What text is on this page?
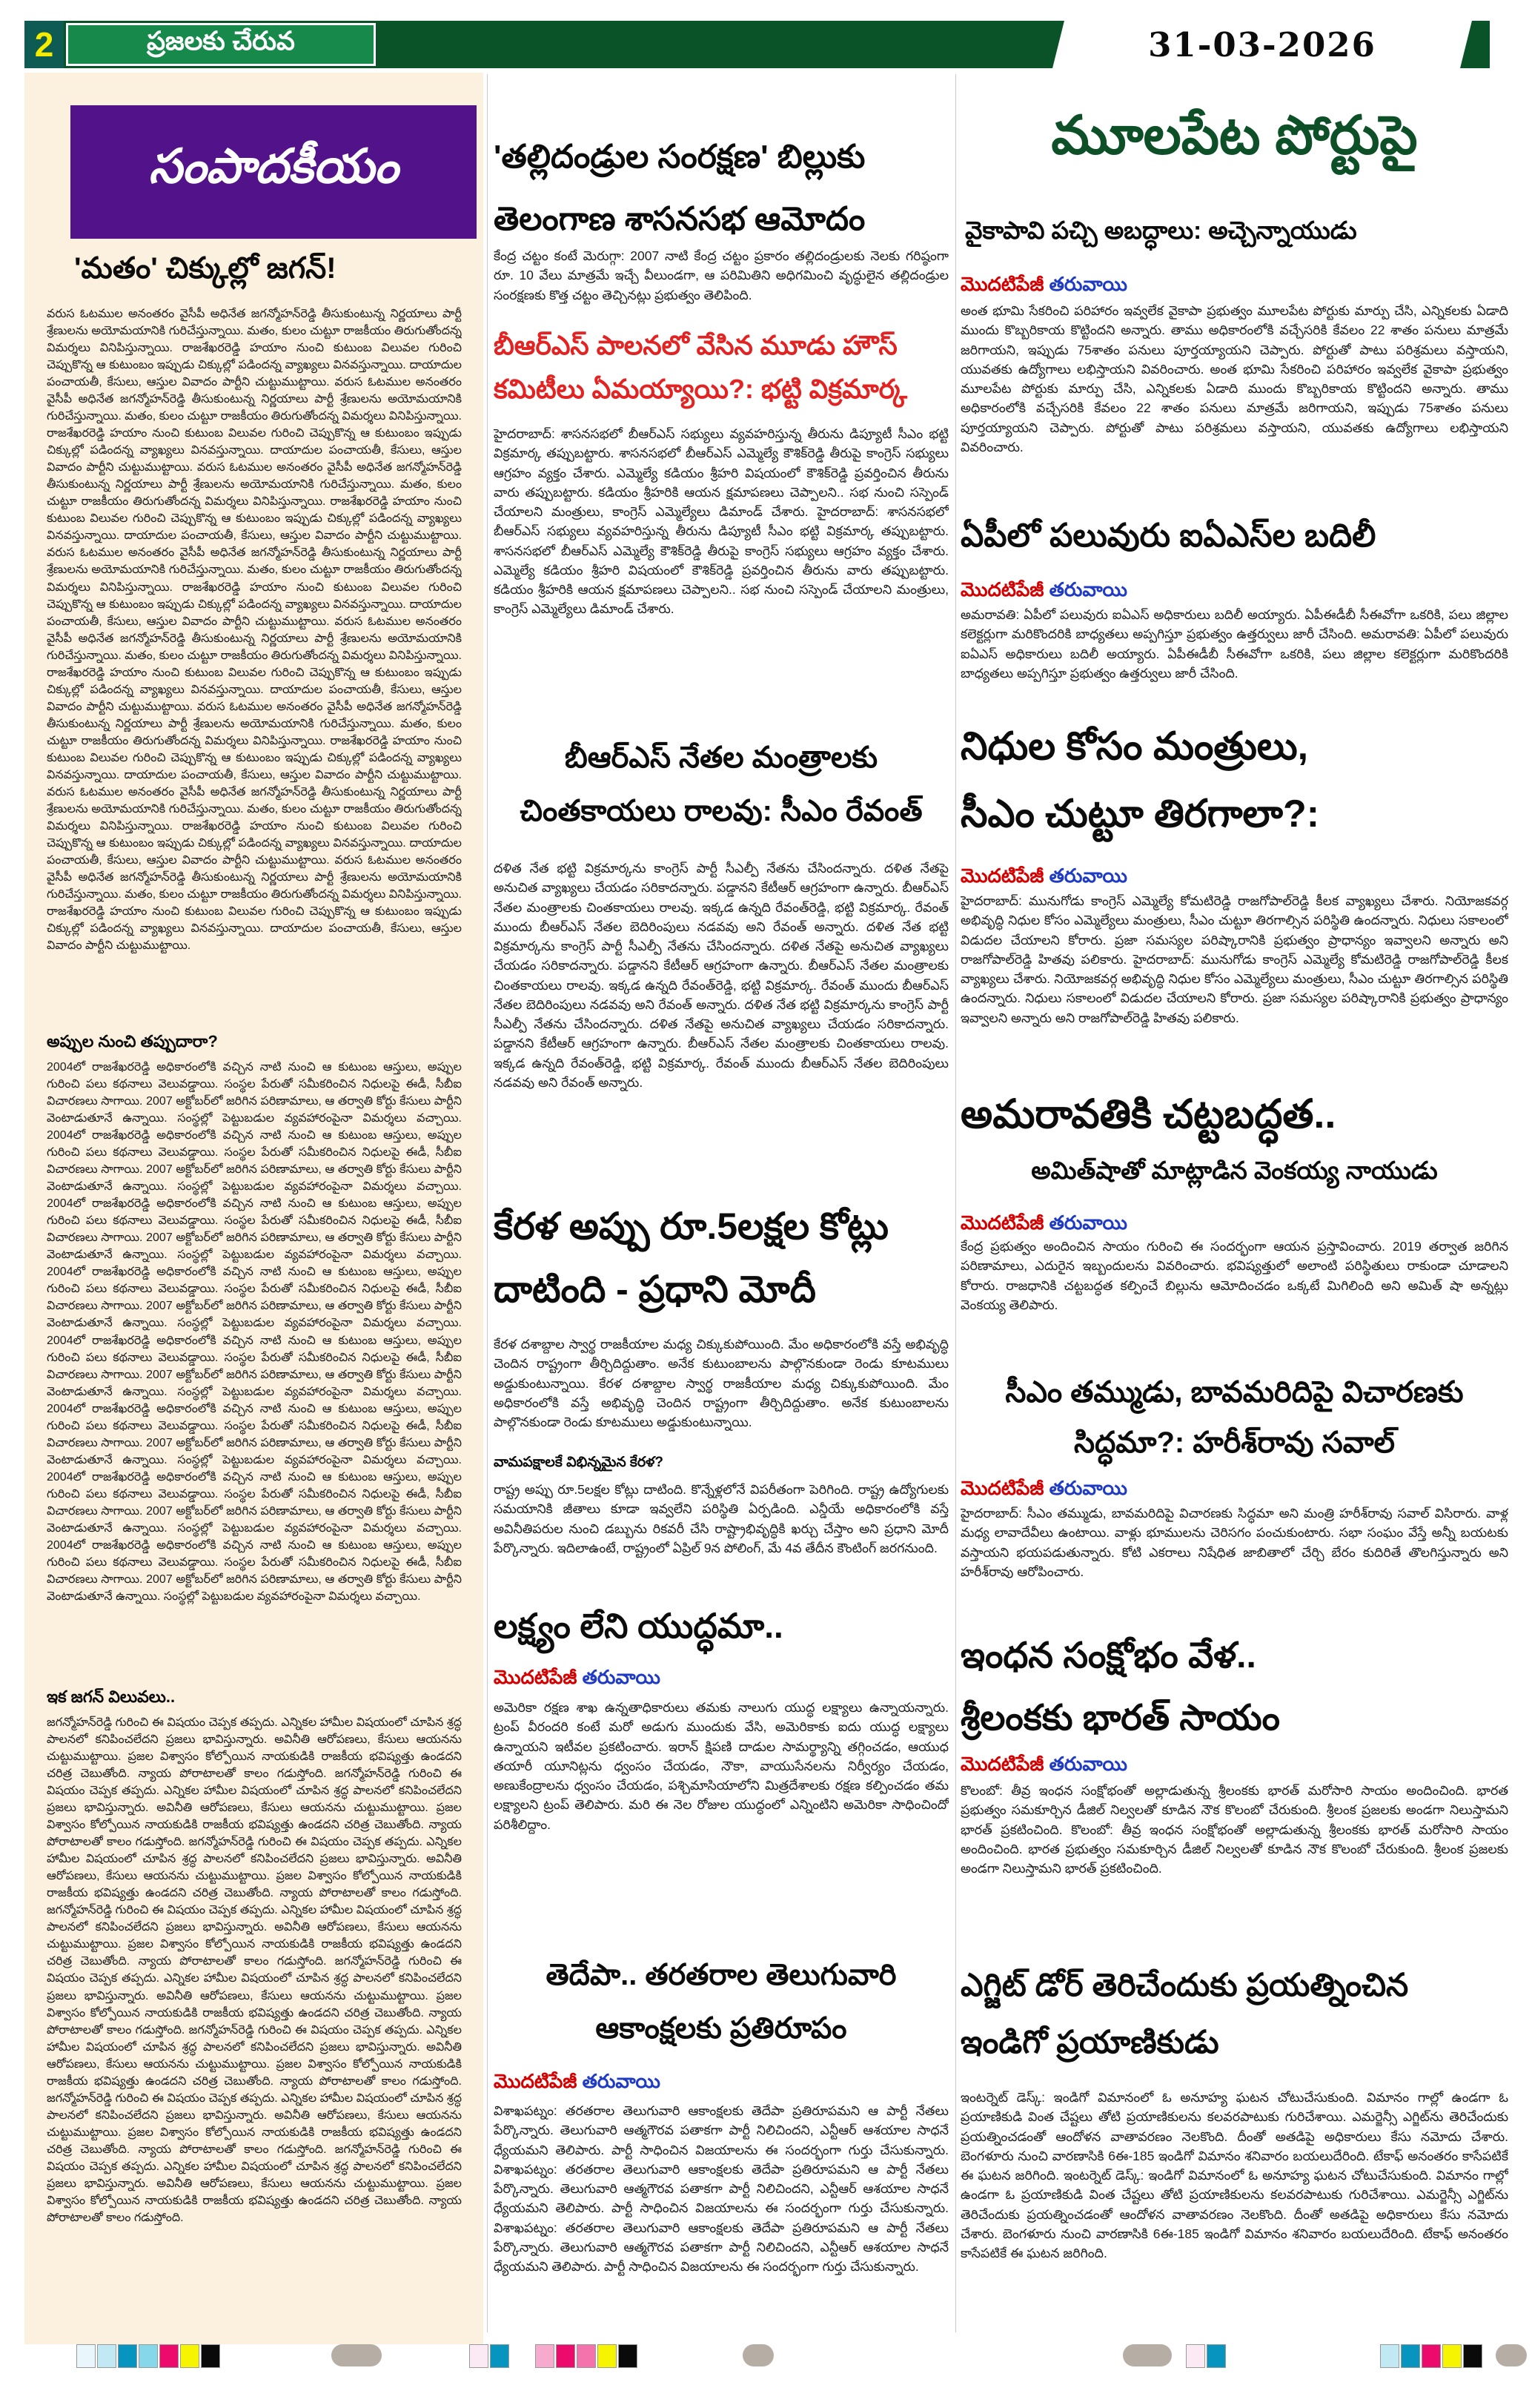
2	ప్రజలకు చేరువ	31-03-2026
సంపాదకీయం
'మతం' చిక్కుల్లో జగన్!
వరుస ఓటముల అనంతరం వైసీపీ అధినేత జగన్మోహన్‌రెడ్డి తీసుకుంటున్న నిర్ణయాలు పార్టీ శ్రేణులను అయోమయానికి గురిచేస్తున్నాయి. మతం, కులం చుట్టూ రాజకీయం తిరుగుతోందన్న విమర్శలు వినిపిస్తున్నాయి. రాజశేఖరరెడ్డి హయాం నుంచి కుటుంబ విలువల గురించి చెప్పుకొన్న ఆ కుటుంబం ఇప్పుడు చిక్కుల్లో పడిందన్న వ్యాఖ్యలు వినవస్తున్నాయి. దాయాదుల పంచాయతీ, కేసులు, ఆస్తుల వివాదం పార్టీని చుట్టుముట్టాయి. వరుస ఓటముల అనంతరం వైసీపీ అధినేత జగన్మోహన్‌రెడ్డి తీసుకుంటున్న నిర్ణయాలు పార్టీ శ్రేణులను అయోమయానికి గురిచేస్తున్నాయి. మతం, కులం చుట్టూ రాజకీయం తిరుగుతోందన్న విమర్శలు వినిపిస్తున్నాయి. రాజశేఖరరెడ్డి హయాం నుంచి కుటుంబ విలువల గురించి చెప్పుకొన్న ఆ కుటుంబం ఇప్పుడు చిక్కుల్లో పడిందన్న వ్యాఖ్యలు వినవస్తున్నాయి. దాయాదుల పంచాయతీ, కేసులు, ఆస్తుల వివాదం పార్టీని చుట్టుముట్టాయి. వరుస ఓటముల అనంతరం వైసీపీ అధినేత జగన్మోహన్‌రెడ్డి తీసుకుంటున్న నిర్ణయాలు పార్టీ శ్రేణులను అయోమయానికి గురిచేస్తున్నాయి. మతం, కులం చుట్టూ రాజకీయం తిరుగుతోందన్న విమర్శలు వినిపిస్తున్నాయి. రాజశేఖరరెడ్డి హయాం నుంచి కుటుంబ విలువల గురించి చెప్పుకొన్న ఆ కుటుంబం ఇప్పుడు చిక్కుల్లో పడిందన్న వ్యాఖ్యలు వినవస్తున్నాయి. దాయాదుల పంచాయతీ, కేసులు, ఆస్తుల వివాదం పార్టీని చుట్టుముట్టాయి. వరుస ఓటముల అనంతరం వైసీపీ అధినేత జగన్మోహన్‌రెడ్డి తీసుకుంటున్న నిర్ణయాలు పార్టీ శ్రేణులను అయోమయానికి గురిచేస్తున్నాయి. మతం, కులం చుట్టూ రాజకీయం తిరుగుతోందన్న విమర్శలు వినిపిస్తున్నాయి. రాజశేఖరరెడ్డి హయాం నుంచి కుటుంబ విలువల గురించి చెప్పుకొన్న ఆ కుటుంబం ఇప్పుడు చిక్కుల్లో పడిందన్న వ్యాఖ్యలు వినవస్తున్నాయి. దాయాదుల పంచాయతీ, కేసులు, ఆస్తుల వివాదం పార్టీని చుట్టుముట్టాయి. వరుస ఓటముల అనంతరం వైసీపీ అధినేత జగన్మోహన్‌రెడ్డి తీసుకుంటున్న నిర్ణయాలు పార్టీ శ్రేణులను అయోమయానికి గురిచేస్తున్నాయి. మతం, కులం చుట్టూ రాజకీయం తిరుగుతోందన్న విమర్శలు వినిపిస్తున్నాయి. రాజశేఖరరెడ్డి హయాం నుంచి కుటుంబ విలువల గురించి చెప్పుకొన్న ఆ కుటుంబం ఇప్పుడు చిక్కుల్లో పడిందన్న వ్యాఖ్యలు వినవస్తున్నాయి. దాయాదుల పంచాయతీ, కేసులు, ఆస్తుల వివాదం పార్టీని చుట్టుముట్టాయి. వరుస ఓటముల అనంతరం వైసీపీ అధినేత జగన్మోహన్‌రెడ్డి తీసుకుంటున్న నిర్ణయాలు పార్టీ శ్రేణులను అయోమయానికి గురిచేస్తున్నాయి. మతం, కులం చుట్టూ రాజకీయం తిరుగుతోందన్న విమర్శలు వినిపిస్తున్నాయి. రాజశేఖరరెడ్డి హయాం నుంచి కుటుంబ విలువల గురించి చెప్పుకొన్న ఆ కుటుంబం ఇప్పుడు చిక్కుల్లో పడిందన్న వ్యాఖ్యలు వినవస్తున్నాయి. దాయాదుల పంచాయతీ, కేసులు, ఆస్తుల వివాదం పార్టీని చుట్టుముట్టాయి. వరుస ఓటముల అనంతరం వైసీపీ అధినేత జగన్మోహన్‌రెడ్డి తీసుకుంటున్న నిర్ణయాలు పార్టీ శ్రేణులను అయోమయానికి గురిచేస్తున్నాయి. మతం, కులం చుట్టూ రాజకీయం తిరుగుతోందన్న విమర్శలు వినిపిస్తున్నాయి. రాజశేఖరరెడ్డి హయాం నుంచి కుటుంబ విలువల గురించి చెప్పుకొన్న ఆ కుటుంబం ఇప్పుడు చిక్కుల్లో పడిందన్న వ్యాఖ్యలు వినవస్తున్నాయి. దాయాదుల పంచాయతీ, కేసులు, ఆస్తుల వివాదం పార్టీని చుట్టుముట్టాయి. వరుస ఓటముల అనంతరం వైసీపీ అధినేత జగన్మోహన్‌రెడ్డి తీసుకుంటున్న నిర్ణయాలు పార్టీ శ్రేణులను అయోమయానికి గురిచేస్తున్నాయి. మతం, కులం చుట్టూ రాజకీయం తిరుగుతోందన్న విమర్శలు వినిపిస్తున్నాయి. రాజశేఖరరెడ్డి హయాం నుంచి కుటుంబ విలువల గురించి చెప్పుకొన్న ఆ కుటుంబం ఇప్పుడు చిక్కుల్లో పడిందన్న వ్యాఖ్యలు వినవస్తున్నాయి. దాయాదుల పంచాయతీ, కేసులు, ఆస్తుల వివాదం పార్టీని చుట్టుముట్టాయి.
అప్పుల నుంచి తప్పుదారా?
2004లో రాజశేఖరరెడ్డి అధికారంలోకి వచ్చిన నాటి నుంచి ఆ కుటుంబ ఆస్తులు, అప్పుల గురించి పలు కథనాలు వెలువడ్డాయి. సంస్థల పేరుతో సమీకరించిన నిధులపై ఈడీ, సీబీఐ విచారణలు సాగాయి. 2007 అక్టోబర్‌లో జరిగిన పరిణామాలు, ఆ తర్వాతి కోర్టు కేసులు పార్టీని వెంటాడుతూనే ఉన్నాయి. సంస్థల్లో పెట్టుబడుల వ్యవహారంపైనా విమర్శలు వచ్చాయి. 2004లో రాజశేఖరరెడ్డి అధికారంలోకి వచ్చిన నాటి నుంచి ఆ కుటుంబ ఆస్తులు, అప్పుల గురించి పలు కథనాలు వెలువడ్డాయి. సంస్థల పేరుతో సమీకరించిన నిధులపై ఈడీ, సీబీఐ విచారణలు సాగాయి. 2007 అక్టోబర్‌లో జరిగిన పరిణామాలు, ఆ తర్వాతి కోర్టు కేసులు పార్టీని వెంటాడుతూనే ఉన్నాయి. సంస్థల్లో పెట్టుబడుల వ్యవహారంపైనా విమర్శలు వచ్చాయి. 2004లో రాజశేఖరరెడ్డి అధికారంలోకి వచ్చిన నాటి నుంచి ఆ కుటుంబ ఆస్తులు, అప్పుల గురించి పలు కథనాలు వెలువడ్డాయి. సంస్థల పేరుతో సమీకరించిన నిధులపై ఈడీ, సీబీఐ విచారణలు సాగాయి. 2007 అక్టోబర్‌లో జరిగిన పరిణామాలు, ఆ తర్వాతి కోర్టు కేసులు పార్టీని వెంటాడుతూనే ఉన్నాయి. సంస్థల్లో పెట్టుబడుల వ్యవహారంపైనా విమర్శలు వచ్చాయి. 2004లో రాజశేఖరరెడ్డి అధికారంలోకి వచ్చిన నాటి నుంచి ఆ కుటుంబ ఆస్తులు, అప్పుల గురించి పలు కథనాలు వెలువడ్డాయి. సంస్థల పేరుతో సమీకరించిన నిధులపై ఈడీ, సీబీఐ విచారణలు సాగాయి. 2007 అక్టోబర్‌లో జరిగిన పరిణామాలు, ఆ తర్వాతి కోర్టు కేసులు పార్టీని వెంటాడుతూనే ఉన్నాయి. సంస్థల్లో పెట్టుబడుల వ్యవహారంపైనా విమర్శలు వచ్చాయి. 2004లో రాజశేఖరరెడ్డి అధికారంలోకి వచ్చిన నాటి నుంచి ఆ కుటుంబ ఆస్తులు, అప్పుల గురించి పలు కథనాలు వెలువడ్డాయి. సంస్థల పేరుతో సమీకరించిన నిధులపై ఈడీ, సీబీఐ విచారణలు సాగాయి. 2007 అక్టోబర్‌లో జరిగిన పరిణామాలు, ఆ తర్వాతి కోర్టు కేసులు పార్టీని వెంటాడుతూనే ఉన్నాయి. సంస్థల్లో పెట్టుబడుల వ్యవహారంపైనా విమర్శలు వచ్చాయి. 2004లో రాజశేఖరరెడ్డి అధికారంలోకి వచ్చిన నాటి నుంచి ఆ కుటుంబ ఆస్తులు, అప్పుల గురించి పలు కథనాలు వెలువడ్డాయి. సంస్థల పేరుతో సమీకరించిన నిధులపై ఈడీ, సీబీఐ విచారణలు సాగాయి. 2007 అక్టోబర్‌లో జరిగిన పరిణామాలు, ఆ తర్వాతి కోర్టు కేసులు పార్టీని వెంటాడుతూనే ఉన్నాయి. సంస్థల్లో పెట్టుబడుల వ్యవహారంపైనా విమర్శలు వచ్చాయి. 2004లో రాజశేఖరరెడ్డి అధికారంలోకి వచ్చిన నాటి నుంచి ఆ కుటుంబ ఆస్తులు, అప్పుల గురించి పలు కథనాలు వెలువడ్డాయి. సంస్థల పేరుతో సమీకరించిన నిధులపై ఈడీ, సీబీఐ విచారణలు సాగాయి. 2007 అక్టోబర్‌లో జరిగిన పరిణామాలు, ఆ తర్వాతి కోర్టు కేసులు పార్టీని వెంటాడుతూనే ఉన్నాయి. సంస్థల్లో పెట్టుబడుల వ్యవహారంపైనా విమర్శలు వచ్చాయి. 2004లో రాజశేఖరరెడ్డి అధికారంలోకి వచ్చిన నాటి నుంచి ఆ కుటుంబ ఆస్తులు, అప్పుల గురించి పలు కథనాలు వెలువడ్డాయి. సంస్థల పేరుతో సమీకరించిన నిధులపై ఈడీ, సీబీఐ విచారణలు సాగాయి. 2007 అక్టోబర్‌లో జరిగిన పరిణామాలు, ఆ తర్వాతి కోర్టు కేసులు పార్టీని వెంటాడుతూనే ఉన్నాయి. సంస్థల్లో పెట్టుబడుల వ్యవహారంపైనా విమర్శలు వచ్చాయి.
ఇక జగన్ విలువలు..
జగన్మోహన్‌రెడ్డి గురించి ఈ విషయం చెప్పక తప్పదు. ఎన్నికల హామీల విషయంలో చూపిన శ్రద్ధ పాలనలో కనిపించలేదని ప్రజలు భావిస్తున్నారు. అవినీతి ఆరోపణలు, కేసులు ఆయనను చుట్టుముట్టాయి. ప్రజల విశ్వాసం కోల్పోయిన నాయకుడికి రాజకీయ భవిష్యత్తు ఉండదని చరిత్ర చెబుతోంది. న్యాయ పోరాటాలతో కాలం గడుస్తోంది. జగన్మోహన్‌రెడ్డి గురించి ఈ విషయం చెప్పక తప్పదు. ఎన్నికల హామీల విషయంలో చూపిన శ్రద్ధ పాలనలో కనిపించలేదని ప్రజలు భావిస్తున్నారు. అవినీతి ఆరోపణలు, కేసులు ఆయనను చుట్టుముట్టాయి. ప్రజల విశ్వాసం కోల్పోయిన నాయకుడికి రాజకీయ భవిష్యత్తు ఉండదని చరిత్ర చెబుతోంది. న్యాయ పోరాటాలతో కాలం గడుస్తోంది. జగన్మోహన్‌రెడ్డి గురించి ఈ విషయం చెప్పక తప్పదు. ఎన్నికల హామీల విషయంలో చూపిన శ్రద్ధ పాలనలో కనిపించలేదని ప్రజలు భావిస్తున్నారు. అవినీతి ఆరోపణలు, కేసులు ఆయనను చుట్టుముట్టాయి. ప్రజల విశ్వాసం కోల్పోయిన నాయకుడికి రాజకీయ భవిష్యత్తు ఉండదని చరిత్ర చెబుతోంది. న్యాయ పోరాటాలతో కాలం గడుస్తోంది. జగన్మోహన్‌రెడ్డి గురించి ఈ విషయం చెప్పక తప్పదు. ఎన్నికల హామీల విషయంలో చూపిన శ్రద్ధ పాలనలో కనిపించలేదని ప్రజలు భావిస్తున్నారు. అవినీతి ఆరోపణలు, కేసులు ఆయనను చుట్టుముట్టాయి. ప్రజల విశ్వాసం కోల్పోయిన నాయకుడికి రాజకీయ భవిష్యత్తు ఉండదని చరిత్ర చెబుతోంది. న్యాయ పోరాటాలతో కాలం గడుస్తోంది. జగన్మోహన్‌రెడ్డి గురించి ఈ విషయం చెప్పక తప్పదు. ఎన్నికల హామీల విషయంలో చూపిన శ్రద్ధ పాలనలో కనిపించలేదని ప్రజలు భావిస్తున్నారు. అవినీతి ఆరోపణలు, కేసులు ఆయనను చుట్టుముట్టాయి. ప్రజల విశ్వాసం కోల్పోయిన నాయకుడికి రాజకీయ భవిష్యత్తు ఉండదని చరిత్ర చెబుతోంది. న్యాయ పోరాటాలతో కాలం గడుస్తోంది. జగన్మోహన్‌రెడ్డి గురించి ఈ విషయం చెప్పక తప్పదు. ఎన్నికల హామీల విషయంలో చూపిన శ్రద్ధ పాలనలో కనిపించలేదని ప్రజలు భావిస్తున్నారు. అవినీతి ఆరోపణలు, కేసులు ఆయనను చుట్టుముట్టాయి. ప్రజల విశ్వాసం కోల్పోయిన నాయకుడికి రాజకీయ భవిష్యత్తు ఉండదని చరిత్ర చెబుతోంది. న్యాయ పోరాటాలతో కాలం గడుస్తోంది. జగన్మోహన్‌రెడ్డి గురించి ఈ విషయం చెప్పక తప్పదు. ఎన్నికల హామీల విషయంలో చూపిన శ్రద్ధ పాలనలో కనిపించలేదని ప్రజలు భావిస్తున్నారు. అవినీతి ఆరోపణలు, కేసులు ఆయనను చుట్టుముట్టాయి. ప్రజల విశ్వాసం కోల్పోయిన నాయకుడికి రాజకీయ భవిష్యత్తు ఉండదని చరిత్ర చెబుతోంది. న్యాయ పోరాటాలతో కాలం గడుస్తోంది. జగన్మోహన్‌రెడ్డి గురించి ఈ విషయం చెప్పక తప్పదు. ఎన్నికల హామీల విషయంలో చూపిన శ్రద్ధ పాలనలో కనిపించలేదని ప్రజలు భావిస్తున్నారు. అవినీతి ఆరోపణలు, కేసులు ఆయనను చుట్టుముట్టాయి. ప్రజల విశ్వాసం కోల్పోయిన నాయకుడికి రాజకీయ భవిష్యత్తు ఉండదని చరిత్ర చెబుతోంది. న్యాయ పోరాటాలతో కాలం గడుస్తోంది.
'తల్లిదండ్రుల సంరక్షణ' బిల్లుకు
తెలంగాణ శాసనసభ ఆమోదం
కేంద్ర చట్టం కంటే మెరుగ్గా: 2007 నాటి కేంద్ర చట్టం ప్రకారం తల్లిదండ్రులకు నెలకు గరిష్ఠంగా రూ. 10 వేలు మాత్రమే ఇచ్చే వీలుండగా, ఆ పరిమితిని అధిగమించి వృద్ధులైన తల్లిదండ్రుల సంరక్షణకు కొత్త చట్టం తెచ్చినట్లు ప్రభుత్వం తెలిపింది.
బీఆర్ఎస్ పాలనలో వేసిన మూడు హౌస్
కమిటీలు ఏమయ్యాయి?: భట్టి విక్రమార్క
హైదరాబాద్: శాసనసభలో బీఆర్ఎస్ సభ్యులు వ్యవహరిస్తున్న తీరును డిప్యూటీ సీఎం భట్టి విక్రమార్క తప్పుబట్టారు. శాసనసభలో బీఆర్ఎస్ ఎమ్మెల్యే కౌశిక్‌రెడ్డి తీరుపై కాంగ్రెస్ సభ్యులు ఆగ్రహం వ్యక్తం చేశారు. ఎమ్మెల్యే కడియం శ్రీహరి విషయంలో కౌశిక్‌రెడ్డి ప్రవర్తించిన తీరును వారు తప్పుబట్టారు. కడియం శ్రీహరికి ఆయన క్షమాపణలు చెప్పాలని.. సభ నుంచి సస్పెండ్ చేయాలని మంత్రులు, కాంగ్రెస్ ఎమ్మెల్యేలు డిమాండ్ చేశారు. హైదరాబాద్: శాసనసభలో బీఆర్ఎస్ సభ్యులు వ్యవహరిస్తున్న తీరును డిప్యూటీ సీఎం భట్టి విక్రమార్క తప్పుబట్టారు. శాసనసభలో బీఆర్ఎస్ ఎమ్మెల్యే కౌశిక్‌రెడ్డి తీరుపై కాంగ్రెస్ సభ్యులు ఆగ్రహం వ్యక్తం చేశారు. ఎమ్మెల్యే కడియం శ్రీహరి విషయంలో కౌశిక్‌రెడ్డి ప్రవర్తించిన తీరును వారు తప్పుబట్టారు. కడియం శ్రీహరికి ఆయన క్షమాపణలు చెప్పాలని.. సభ నుంచి సస్పెండ్ చేయాలని మంత్రులు, కాంగ్రెస్ ఎమ్మెల్యేలు డిమాండ్ చేశారు.
బీఆర్ఎస్ నేతల మంత్రాలకు
చింతకాయలు రాలవు: సీఎం రేవంత్
దళిత నేత భట్టి విక్రమార్కను కాంగ్రెస్ పార్టీ సీఎల్పీ నేతను చేసిందన్నారు. దళిత నేతపై అనుచిత వ్యాఖ్యలు చేయడం సరికాదన్నారు. పడ్డానని కేటీఆర్ ఆగ్రహంగా ఉన్నారు. బీఆర్ఎస్ నేతల మంత్రాలకు చింతకాయలు రాలవు. ఇక్కడ ఉన్నది రేవంత్‌రెడ్డి, భట్టి విక్రమార్క. రేవంత్ ముందు బీఆర్ఎస్ నేతల బెదిరింపులు నడవవు అని రేవంత్ అన్నారు. దళిత నేత భట్టి విక్రమార్కను కాంగ్రెస్ పార్టీ సీఎల్పీ నేతను చేసిందన్నారు. దళిత నేతపై అనుచిత వ్యాఖ్యలు చేయడం సరికాదన్నారు. పడ్డానని కేటీఆర్ ఆగ్రహంగా ఉన్నారు. బీఆర్ఎస్ నేతల మంత్రాలకు చింతకాయలు రాలవు. ఇక్కడ ఉన్నది రేవంత్‌రెడ్డి, భట్టి విక్రమార్క. రేవంత్ ముందు బీఆర్ఎస్ నేతల బెదిరింపులు నడవవు అని రేవంత్ అన్నారు. దళిత నేత భట్టి విక్రమార్కను కాంగ్రెస్ పార్టీ సీఎల్పీ నేతను చేసిందన్నారు. దళిత నేతపై అనుచిత వ్యాఖ్యలు చేయడం సరికాదన్నారు. పడ్డానని కేటీఆర్ ఆగ్రహంగా ఉన్నారు. బీఆర్ఎస్ నేతల మంత్రాలకు చింతకాయలు రాలవు. ఇక్కడ ఉన్నది రేవంత్‌రెడ్డి, భట్టి విక్రమార్క. రేవంత్ ముందు బీఆర్ఎస్ నేతల బెదిరింపులు నడవవు అని రేవంత్ అన్నారు.
కేరళ అప్పు రూ.5లక్షల కోట్లు
దాటింది - ప్రధాని మోదీ
కేరళ దశాబ్దాల స్వార్థ రాజకీయాల మధ్య చిక్కుకుపోయింది. మేం అధికారంలోకి వస్తే అభివృద్ధి చెందిన రాష్ట్రంగా తీర్చిదిద్దుతాం. అనేక కుటుంబాలను పాల్గొనకుండా రెండు కూటములు అడ్డుకుంటున్నాయి. కేరళ దశాబ్దాల స్వార్థ రాజకీయాల మధ్య చిక్కుకుపోయింది. మేం అధికారంలోకి వస్తే అభివృద్ధి చెందిన రాష్ట్రంగా తీర్చిదిద్దుతాం. అనేక కుటుంబాలను పాల్గొనకుండా రెండు కూటములు అడ్డుకుంటున్నాయి.
వామపక్షాలకే విభిన్నమైన కేరళ?
రాష్ట్ర అప్పు రూ.5లక్షల కోట్లు దాటింది. కొన్నేళ్లలోనే విపరీతంగా పెరిగింది. రాష్ట్ర ఉద్యోగులకు సమయానికి జీతాలు కూడా ఇవ్వలేని పరిస్థితి ఏర్పడింది. ఎన్డీయే అధికారంలోకి వస్తే అవినీతిపరుల నుంచి డబ్బును రికవరీ చేసి రాష్ట్రాభివృద్ధికి ఖర్చు చేస్తాం అని ప్రధాని మోదీ పేర్కొన్నారు. ఇదిలాఉంటే, రాష్ట్రంలో ఏప్రిల్ 9న పోలింగ్, మే 4వ తేదీన కౌంటింగ్ జరగనుంది.
లక్ష్యం లేని యుద్ధమా..
మొదటిపేజీ తరువాయి
అమెరికా రక్షణ శాఖ ఉన్నతాధికారులు తమకు నాలుగు యుద్ధ లక్ష్యాలు ఉన్నాయన్నారు. ట్రంప్ వీరందరి కంటే మరో అడుగు ముందుకు వేసి, అమెరికాకు ఐదు యుద్ధ లక్ష్యాలు ఉన్నాయని ఇటీవల ప్రకటించారు. ఇరాన్ క్షిపణి దాడుల సామర్థ్యాన్ని తగ్గించడం, ఆయుధ తయారీ యూనిట్లను ధ్వంసం చేయడం, నౌకా, వాయుసేనలను నిర్వీర్యం చేయడం, అణుకేంద్రాలను ధ్వంసం చేయడం, పశ్చిమాసియాలోని మిత్రదేశాలకు రక్షణ కల్పించడం తమ లక్ష్యాలని ట్రంప్ తెలిపారు. మరి ఈ నెల రోజుల యుద్ధంలో ఎన్నింటిని అమెరికా సాధించిందో పరిశీలిద్దాం.
తెదేపా.. తరతరాల తెలుగువారి
ఆకాంక్షలకు ప్రతిరూపం
మొదటిపేజీ తరువాయి
విశాఖపట్నం: తరతరాల తెలుగువారి ఆకాంక్షలకు తెదేపా ప్రతిరూపమని ఆ పార్టీ నేతలు పేర్కొన్నారు. తెలుగువారి ఆత్మగౌరవ పతాకగా పార్టీ నిలిచిందని, ఎన్టీఆర్ ఆశయాల సాధనే ధ్యేయమని తెలిపారు. పార్టీ సాధించిన విజయాలను ఈ సందర్భంగా గుర్తు చేసుకున్నారు. విశాఖపట్నం: తరతరాల తెలుగువారి ఆకాంక్షలకు తెదేపా ప్రతిరూపమని ఆ పార్టీ నేతలు పేర్కొన్నారు. తెలుగువారి ఆత్మగౌరవ పతాకగా పార్టీ నిలిచిందని, ఎన్టీఆర్ ఆశయాల సాధనే ధ్యేయమని తెలిపారు. పార్టీ సాధించిన విజయాలను ఈ సందర్భంగా గుర్తు చేసుకున్నారు. విశాఖపట్నం: తరతరాల తెలుగువారి ఆకాంక్షలకు తెదేపా ప్రతిరూపమని ఆ పార్టీ నేతలు పేర్కొన్నారు. తెలుగువారి ఆత్మగౌరవ పతాకగా పార్టీ నిలిచిందని, ఎన్టీఆర్ ఆశయాల సాధనే ధ్యేయమని తెలిపారు. పార్టీ సాధించిన విజయాలను ఈ సందర్భంగా గుర్తు చేసుకున్నారు.
మూలపేట పోర్టుపై
వైకాపావి పచ్చి అబద్ధాలు: అచ్చెన్నాయుడు
మొదటిపేజీ తరువాయి
అంత భూమి సేకరించి పరిహారం ఇవ్వలేక వైకాపా ప్రభుత్వం మూలపేట పోర్టుకు మార్పు చేసి, ఎన్నికలకు ఏడాది ముందు కొబ్బరికాయ కొట్టిందని అన్నారు. తాము అధికారంలోకి వచ్చేసరికి కేవలం 22 శాతం పనులు మాత్రమే జరిగాయని, ఇప్పుడు 75శాతం పనులు పూర్తయ్యాయని చెప్పారు. పోర్టుతో పాటు పరిశ్రమలు వస్తాయని, యువతకు ఉద్యోగాలు లభిస్తాయని వివరించారు. అంత భూమి సేకరించి పరిహారం ఇవ్వలేక వైకాపా ప్రభుత్వం మూలపేట పోర్టుకు మార్పు చేసి, ఎన్నికలకు ఏడాది ముందు కొబ్బరికాయ కొట్టిందని అన్నారు. తాము అధికారంలోకి వచ్చేసరికి కేవలం 22 శాతం పనులు మాత్రమే జరిగాయని, ఇప్పుడు 75శాతం పనులు పూర్తయ్యాయని చెప్పారు. పోర్టుతో పాటు పరిశ్రమలు వస్తాయని, యువతకు ఉద్యోగాలు లభిస్తాయని వివరించారు.
ఏపీలో పలువురు ఐఏఎస్‌ల బదిలీ
మొదటిపేజీ తరువాయి
అమరావతి: ఏపీలో పలువురు ఐఏఎస్ అధికారులు బదిలీ అయ్యారు. ఏపీఈడీబీ సీఈవోగా ఒకరికి, పలు జిల్లాల కలెక్టర్లుగా మరికొందరికి బాధ్యతలు అప్పగిస్తూ ప్రభుత్వం ఉత్తర్వులు జారీ చేసింది. అమరావతి: ఏపీలో పలువురు ఐఏఎస్ అధికారులు బదిలీ అయ్యారు. ఏపీఈడీబీ సీఈవోగా ఒకరికి, పలు జిల్లాల కలెక్టర్లుగా మరికొందరికి బాధ్యతలు అప్పగిస్తూ ప్రభుత్వం ఉత్తర్వులు జారీ చేసింది.
నిధుల కోసం మంత్రులు,
సీఎం చుట్టూ తిరగాలా?:
మొదటిపేజీ తరువాయి
హైదరాబాద్: మునుగోడు కాంగ్రెస్ ఎమ్మెల్యే కోమటిరెడ్డి రాజగోపాల్‌రెడ్డి కీలక వ్యాఖ్యలు చేశారు. నియోజకవర్గ అభివృద్ధి నిధుల కోసం ఎమ్మెల్యేలు మంత్రులు, సీఎం చుట్టూ తిరగాల్సిన పరిస్థితి ఉందన్నారు. నిధులు సకాలంలో విడుదల చేయాలని కోరారు. ప్రజా సమస్యల పరిష్కారానికి ప్రభుత్వం ప్రాధాన్యం ఇవ్వాలని అన్నారు అని రాజగోపాల్‌రెడ్డి హితవు పలికారు. హైదరాబాద్: మునుగోడు కాంగ్రెస్ ఎమ్మెల్యే కోమటిరెడ్డి రాజగోపాల్‌రెడ్డి కీలక వ్యాఖ్యలు చేశారు. నియోజకవర్గ అభివృద్ధి నిధుల కోసం ఎమ్మెల్యేలు మంత్రులు, సీఎం చుట్టూ తిరగాల్సిన పరిస్థితి ఉందన్నారు. నిధులు సకాలంలో విడుదల చేయాలని కోరారు. ప్రజా సమస్యల పరిష్కారానికి ప్రభుత్వం ప్రాధాన్యం ఇవ్వాలని అన్నారు అని రాజగోపాల్‌రెడ్డి హితవు పలికారు.
అమరావతికి చట్టబద్ధత..
అమిత్‌షాతో మాట్లాడిన వెంకయ్య నాయుడు
మొదటిపేజీ తరువాయి
కేంద్ర ప్రభుత్వం అందించిన సాయం గురించి ఈ సందర్భంగా ఆయన ప్రస్తావించారు. 2019 తర్వాత జరిగిన పరిణామాలు, ఎదురైన ఇబ్బందులను వివరించారు. భవిష్యత్తులో అలాంటి పరిస్థితులు రాకుండా చూడాలని కోరారు. రాజధానికి చట్టబద్ధత కల్పించే బిల్లును ఆమోదించడం ఒక్కటే మిగిలింది అని అమిత్ షా అన్నట్లు వెంకయ్య తెలిపారు.
సీఎం తమ్ముడు, బావమరిదిపై విచారణకు
సిద్ధమా?: హరీశ్‌రావు సవాల్
మొదటిపేజీ తరువాయి
హైదరాబాద్: సీఎం తమ్ముడు, బావమరిదిపై విచారణకు సిద్ధమా అని మంత్రి హరీశ్‌రావు సవాల్ విసిరారు. వాళ్ల మధ్య లావాదేవీలు ఉంటాయి. వాళ్లు భూములను చెరిసగం పంచుకుంటారు. సభా సంఘం వేస్తే అన్నీ బయటకు వస్తాయని భయపడుతున్నారు. కోటి ఎకరాలు నిషేధిత జాబితాలో చేర్చి బేరం కుదిరితే తొలగిస్తున్నారు అని హరీశ్‌రావు ఆరోపించారు.
ఇంధన సంక్షోభం వేళ..
శ్రీలంకకు భారత్ సాయం
మొదటిపేజీ తరువాయి
కొలంబో: తీవ్ర ఇంధన సంక్షోభంతో అల్లాడుతున్న శ్రీలంకకు భారత్ మరోసారి సాయం అందించింది. భారత ప్రభుత్వం సమకూర్చిన డీజిల్ నిల్వలతో కూడిన నౌక కొలంబో చేరుకుంది. శ్రీలంక ప్రజలకు అండగా నిలుస్తామని భారత్ ప్రకటించింది. కొలంబో: తీవ్ర ఇంధన సంక్షోభంతో అల్లాడుతున్న శ్రీలంకకు భారత్ మరోసారి సాయం అందించింది. భారత ప్రభుత్వం సమకూర్చిన డీజిల్ నిల్వలతో కూడిన నౌక కొలంబో చేరుకుంది. శ్రీలంక ప్రజలకు అండగా నిలుస్తామని భారత్ ప్రకటించింది.
ఎగ్జిట్ డోర్ తెరిచేందుకు ప్రయత్నించిన
ఇండిగో ప్రయాణికుడు
ఇంటర్నెట్ డెస్క్: ఇండిగో విమానంలో ఓ అనూహ్య ఘటన చోటుచేసుకుంది. విమానం గాల్లో ఉండగా ఓ ప్రయాణికుడి వింత చేష్టలు తోటి ప్రయాణికులను కలవరపాటుకు గురిచేశాయి. ఎమర్జెన్సీ ఎగ్జిట్‌ను తెరిచేందుకు ప్రయత్నించడంతో ఆందోళన వాతావరణం నెలకొంది. దీంతో అతడిపై అధికారులు కేసు నమోదు చేశారు. బెంగళూరు నుంచి వారణాసికి 6ఈ-185 ఇండిగో విమానం శనివారం బయలుదేరింది. టేకాఫ్ అనంతరం కాసేపటికే ఈ ఘటన జరిగింది. ఇంటర్నెట్ డెస్క్: ఇండిగో విమానంలో ఓ అనూహ్య ఘటన చోటుచేసుకుంది. విమానం గాల్లో ఉండగా ఓ ప్రయాణికుడి వింత చేష్టలు తోటి ప్రయాణికులను కలవరపాటుకు గురిచేశాయి. ఎమర్జెన్సీ ఎగ్జిట్‌ను తెరిచేందుకు ప్రయత్నించడంతో ఆందోళన వాతావరణం నెలకొంది. దీంతో అతడిపై అధికారులు కేసు నమోదు చేశారు. బెంగళూరు నుంచి వారణాసికి 6ఈ-185 ఇండిగో విమానం శనివారం బయలుదేరింది. టేకాఫ్ అనంతరం కాసేపటికే ఈ ఘటన జరిగింది.
